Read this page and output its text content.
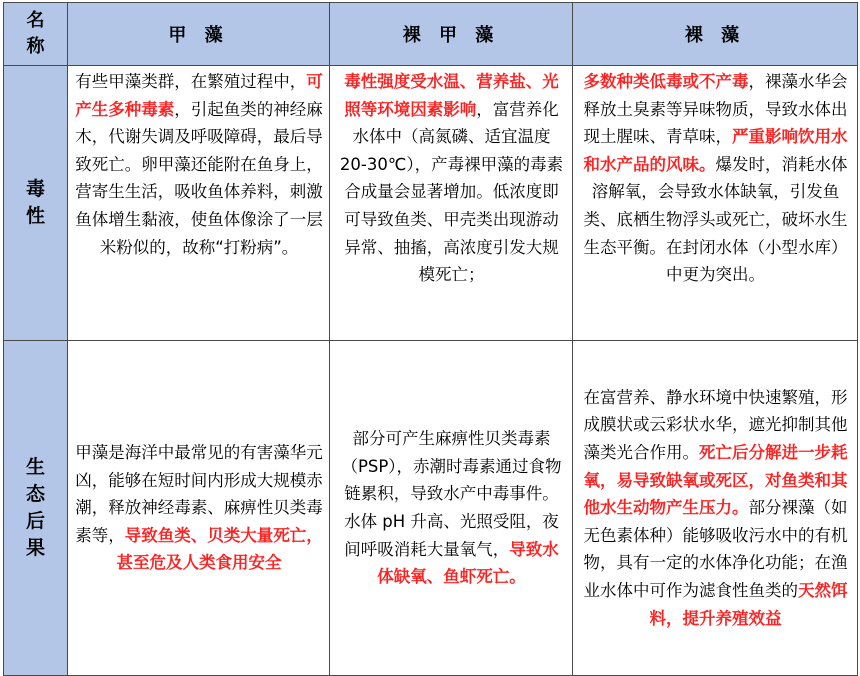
名称	甲 藻	裸 甲 藻	裸 藻
毒性	有些甲藻类群，在繁殖过程中，可产生多种毒素，引起鱼类的神经麻木，代谢失调及呼吸障碍，最后导致死亡。卵甲藻还能附在鱼身上，营寄生生活，吸收鱼体养料，刺激鱼体增生黏液，使鱼体像涂了一层米粉似的，故称“打粉病”。	毒性强度受水温、营养盐、光照等环境因素影响，富营养化水体中（高氮磷、适宜温度 20-30℃），产毒裸甲藻的毒素合成量会显著增加。低浓度即可导致鱼类、甲壳类出现游动异常、抽搐，高浓度引发大规模死亡；	多数种类低毒或不产毒，裸藻水华会释放土臭素等异味物质，导致水体出现土腥味、青草味，严重影响饮用水和水产品的风味。爆发时，消耗水体溶解氧，会导致水体缺氧，引发鱼类、底栖生物浮头或死亡，破坏水生生态平衡。在封闭水体（小型水库）中更为突出。
生态后果	甲藻是海洋中最常见的有害藻华元凶，能够在短时间内形成大规模赤潮，释放神经毒素、麻痹性贝类毒素等，导致鱼类、贝类大量死亡，甚至危及人类食用安全	部分可产生麻痹性贝类毒素（PSP），赤潮时毒素通过食物链累积，导致水产中毒事件。水体 pH 升高、光照受阻，夜间呼吸消耗大量氧气，导致水体缺氧、鱼虾死亡。	在富营养、静水环境中快速繁殖，形成膜状或云彩状水华，遮光抑制其他藻类光合作用。死亡后分解进一步耗氧，易导致缺氧或死区，对鱼类和其他水生动物产生压力。部分裸藻（如无色素体种）能够吸收污水中的有机物，具有一定的水体净化功能；在渔业水体中可作为滤食性鱼类的天然饵料，提升养殖效益
